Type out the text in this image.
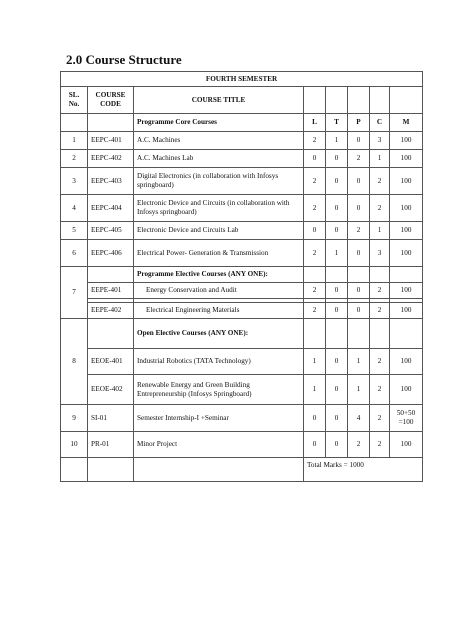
2.0 Course Structure
FOURTH SEMESTER							
SL. No.	COURSE CODE	COURSE TITLE					
		Programme Core Courses	L	T	P	C	M
1	EEPC-401	A.C. Machines	2	1	0	3	100
2	EEPC-402	A.C. Machines Lab	0	0	2	1	100
3	EEPC-403	Digital Electronics (in collaboration with Infosys springboard)	2	0	0	2	100
4	EEPC-404	Electronic Device and Circuits (in collaboration with Infosys springboard)	2	0	0	2	100
5	EEPC-405	Electronic Device and Circuits Lab	0	0	2	1	100
6	EEPC-406	Electrical Power- Generation & Transmission	2	1	0	3	100
7		Programme Elective Courses (ANY ONE):					
	EEPE-401	Energy Conservation and Audit	2	0	0	2	100

	EEPE-402	Electrical Engineering Materials	2	0	0	2	100
8		Open Elective Courses (ANY ONE):					
	EEOE-401	Industrial Robotics (TATA Technology)	1	0	1	2	100
	EEOE-402	Renewable Energy and Green Building Entrepreneurship (Infosys Springboard)	1	0	1	2	100
9	SI-01	Semester Internship-I +Seminar	0	0	4	2	50+50 =100
10	PR-01	Minor Project	0	0	2	2	100
			Total Marks = 1000				
